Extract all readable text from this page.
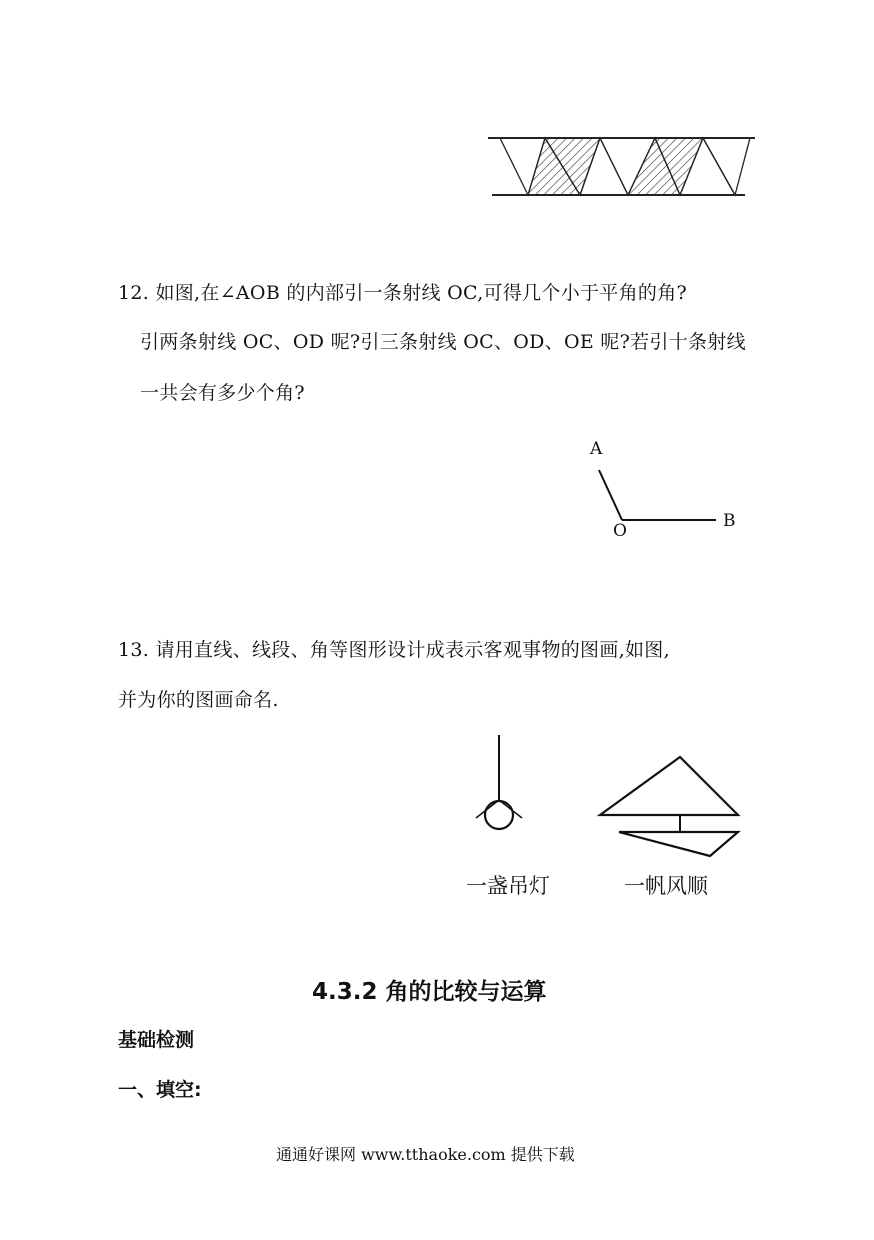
12. 如图,在∠AOB 的内部引一条射线 OC,可得几个小于平角的角?
引两条射线 OC、OD 呢?引三条射线 OC、OD、OE 呢?若引十条射线
一共会有多少个角?
A
O	B
13. 请用直线、线段、角等图形设计成表示客观事物的图画,如图,
并为你的图画命名.
一盏吊灯	一帆风顺
4.3.2 角的比较与运算
基础检测
一、填空:
通通好课网 www.tthaoke.com 提供下载
